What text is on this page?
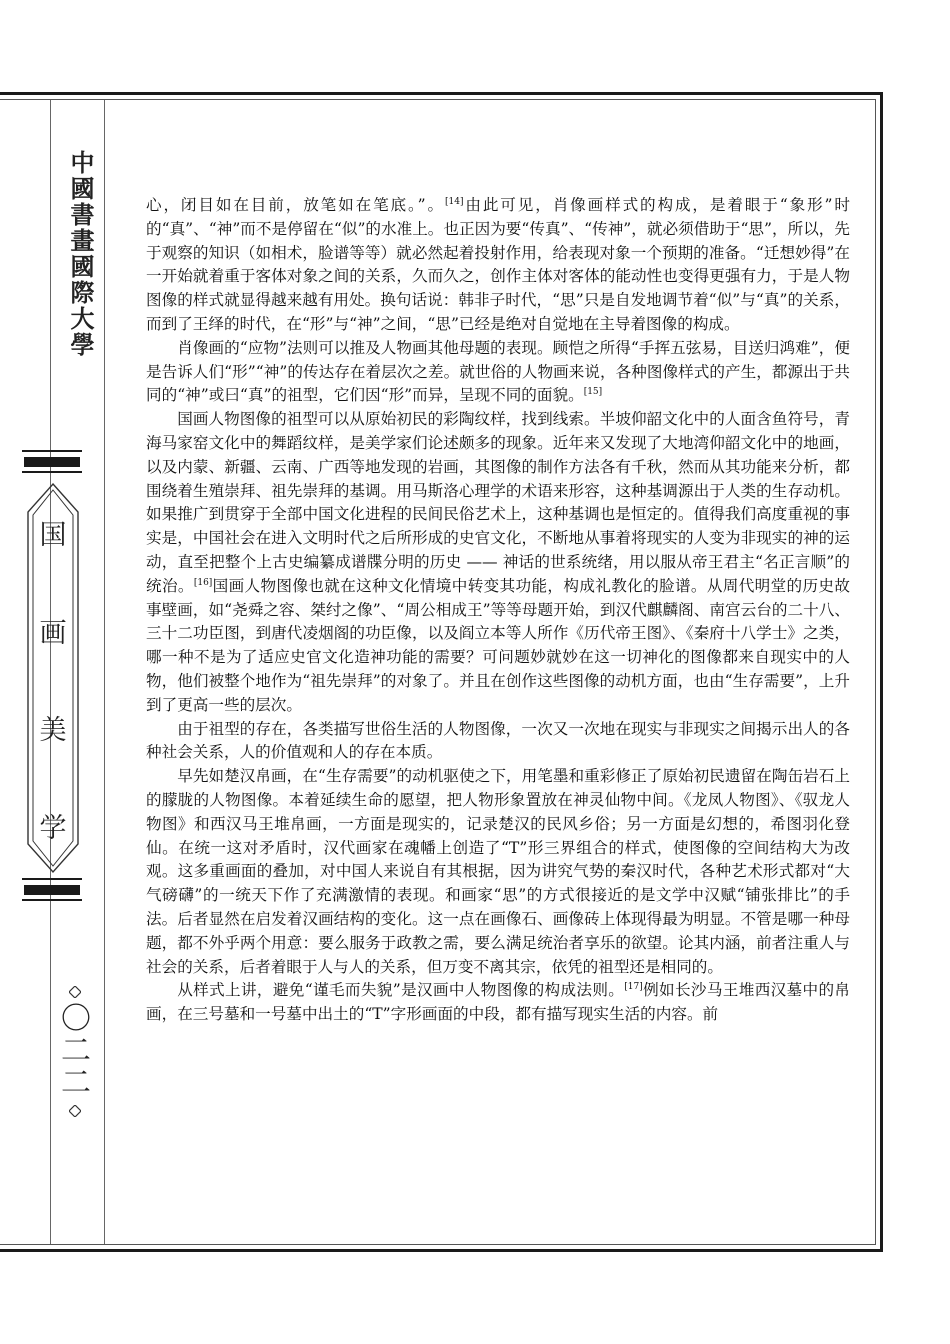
中國書畫國際大學
国
画
美
学
〇二二

心，闭目如在目前，放笔如在笔底。”。[14]由此可见，肖像画样式的构成，是着眼于“象形”时的“真”、“神”而不是停留在“似”的水准上。也正因为要“传真”、“传神”，就必须借助于“思”，所以，先于观察的知识（如相术，脸谱等等）就必然起着投射作用，给表现对象一个预期的准备。“迁想妙得”在一开始就着重于客体对象之间的关系，久而久之，创作主体对客体的能动性也变得更强有力，于是人物图像的样式就显得越来越有用处。换句话说：韩非子时代，“思”只是自发地调节着“似”与“真”的关系，而到了王绎的时代，在“形”与“神”之间，“思”已经是绝对自觉地在主导着图像的构成。

肖像画的“应物”法则可以推及人物画其他母题的表现。顾恺之所得“手挥五弦易，目送归鸿难”，便是告诉人们“形”“神”的传达存在着层次之差。就世俗的人物画来说，各种图像样式的产生，都源出于共同的“神”或曰“真”的祖型，它们因“形”而异，呈现不同的面貌。[15]

国画人物图像的祖型可以从原始初民的彩陶纹样，找到线索。半坡仰韶文化中的人面含鱼符号，青海马家窑文化中的舞蹈纹样，是美学家们论述颇多的现象。近年来又发现了大地湾仰韶文化中的地画，以及内蒙、新疆、云南、广西等地发现的岩画，其图像的制作方法各有千秋，然而从其功能来分析，都围绕着生殖崇拜、祖先崇拜的基调。用马斯洛心理学的术语来形容，这种基调源出于人类的生存动机。如果推广到贯穿于全部中国文化进程的民间民俗艺术上，这种基调也是恒定的。值得我们高度重视的事实是，中国社会在进入文明时代之后所形成的史官文化，不断地从事着将现实的人变为非现实的神的运动，直至把整个上古史编纂成谱牒分明的历史 —— 神话的世系统绪，用以服从帝王君主“名正言顺”的统治。[16]国画人物图像也就在这种文化情境中转变其功能，构成礼教化的脸谱。从周代明堂的历史故事壁画，如“尧舜之容、桀纣之像”、“周公相成王”等等母题开始，到汉代麒麟阁、南宫云台的二十八、三十二功臣图，到唐代凌烟阁的功臣像，以及阎立本等人所作《历代帝王图》、《秦府十八学士》之类，哪一种不是为了适应史官文化造神功能的需要？可问题妙就妙在这一切神化的图像都来自现实中的人物，他们被整个地作为“祖先崇拜”的对象了。并且在创作这些图像的动机方面，也由“生存需要”，上升到了更高一些的层次。

由于祖型的存在，各类描写世俗生活的人物图像，一次又一次地在现实与非现实之间揭示出人的各种社会关系，人的价值观和人的存在本质。

早先如楚汉帛画，在“生存需要”的动机驱使之下，用笔墨和重彩修正了原始初民遗留在陶缶岩石上的朦胧的人物图像。本着延续生命的愿望，把人物形象置放在神灵仙物中间。《龙凤人物图》、《驭龙人物图》和西汉马王堆帛画，一方面是现实的，记录楚汉的民风乡俗；另一方面是幻想的，希图羽化登仙。在统一这对矛盾时，汉代画家在魂幡上创造了“T”形三界组合的样式，使图像的空间结构大为改观。这多重画面的叠加，对中国人来说自有其根据，因为讲究气势的秦汉时代，各种艺术形式都对“大气磅礴”的一统天下作了充满激情的表现。和画家“思”的方式很接近的是文学中汉赋“铺张排比”的手法。后者显然在启发着汉画结构的变化。这一点在画像石、画像砖上体现得最为明显。不管是哪一种母题，都不外乎两个用意：要么服务于政教之需，要么满足统治者享乐的欲望。论其内涵，前者注重人与社会的关系，后者着眼于人与人的关系，但万变不离其宗，依凭的祖型还是相同的。

从样式上讲，避免“谨毛而失貌”是汉画中人物图像的构成法则。[17]例如长沙马王堆西汉墓中的帛画，在三号墓和一号墓中出土的“T”字形画面的中段，都有描写现实生活的内容。前
